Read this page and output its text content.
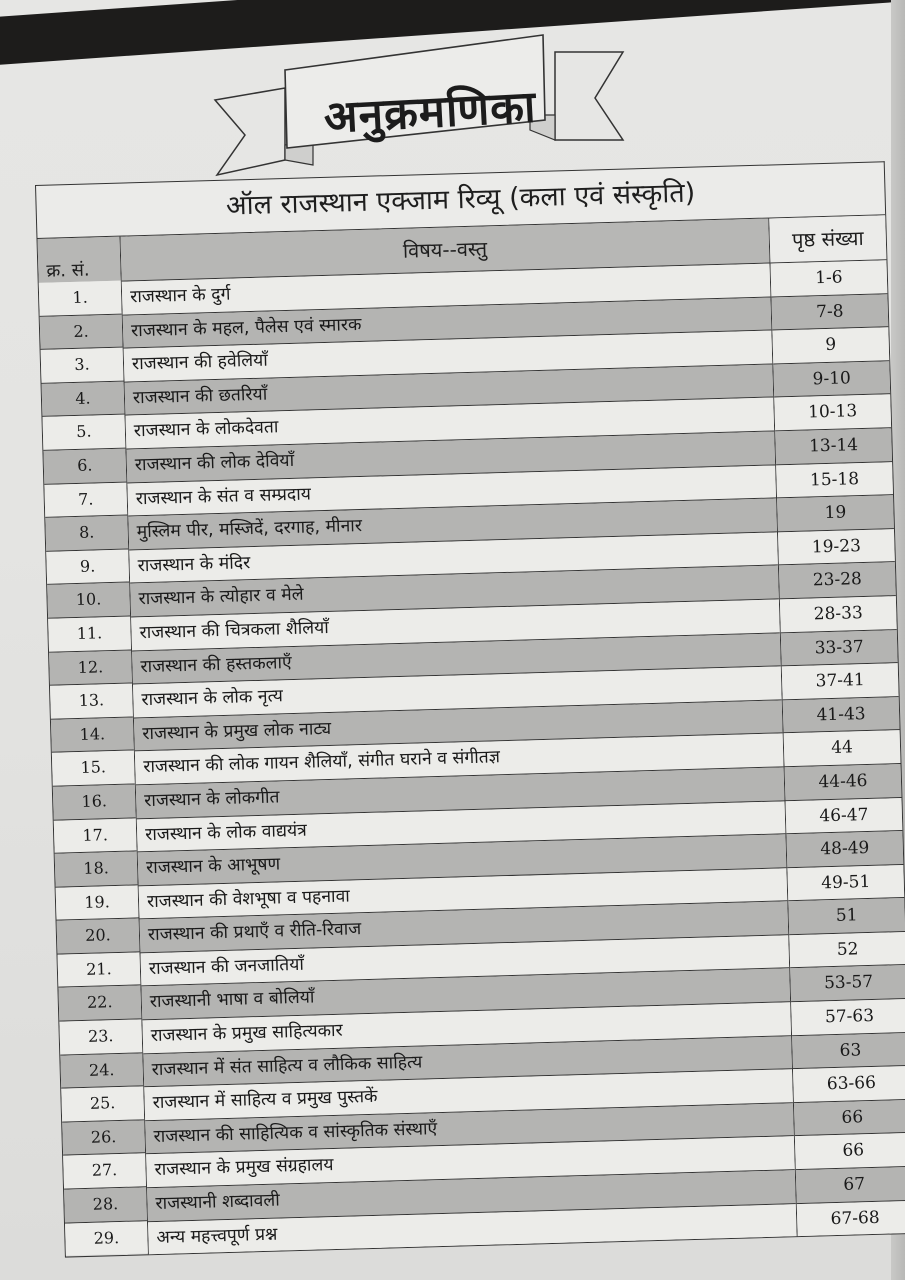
अनुक्रमणिका
ऑल राजस्थान एक्जाम रिव्यू (कला एवं संस्कृति)
क्र. सं.
1.
2.
3.
4.
5.
6.
7.
8.
9.
10.
11.
12.
13.
14.
15.
16.
17.
18.
19.
20.
21.
22.
23.
24.
25.
26.
27.
28.
29.
विषय--वस्तु
राजस्थान के दुर्ग
राजस्थान के महल, पैलेस एवं स्मारक
राजस्थान की हवेलियाँ
राजस्थान की छतरियाँ
राजस्थान के लोकदेवता
राजस्थान की लोक देवियाँ
राजस्थान के संत व सम्प्रदाय
मुस्लिम पीर, मस्जिदें, दरगाह, मीनार
राजस्थान के मंदिर
राजस्थान के त्योहार व मेले
राजस्थान की चित्रकला शैलियाँ
राजस्थान की हस्तकलाएँ
राजस्थान के लोक नृत्य
राजस्थान के प्रमुख लोक नाट्य
राजस्थान की लोक गायन शैलियाँ, संगीत घराने व संगीतज्ञ
राजस्थान के लोकगीत
राजस्थान के लोक वाद्ययंत्र
राजस्थान के आभूषण
राजस्थान की वेशभूषा व पहनावा
राजस्थान की प्रथाएँ व रीति-रिवाज
राजस्थान की जनजातियाँ
राजस्थानी भाषा व बोलियाँ
राजस्थान के प्रमुख साहित्यकार
राजस्थान में संत साहित्य व लौकिक साहित्य
राजस्थान में साहित्य व प्रमुख पुस्तकें
राजस्थान की साहित्यिक व सांस्कृतिक संस्थाएँ
राजस्थान के प्रमुख संग्रहालय
राजस्थानी शब्दावली
अन्य महत्त्वपूर्ण प्रश्न
पृष्ठ संख्या
1-6
7-8
9
9-10
10-13
13-14
15-18
19
19-23
23-28
28-33
33-37
37-41
41-43
44
44-46
46-47
48-49
49-51
51
52
53-57
57-63
63
63-66
66
66
67
67-68
